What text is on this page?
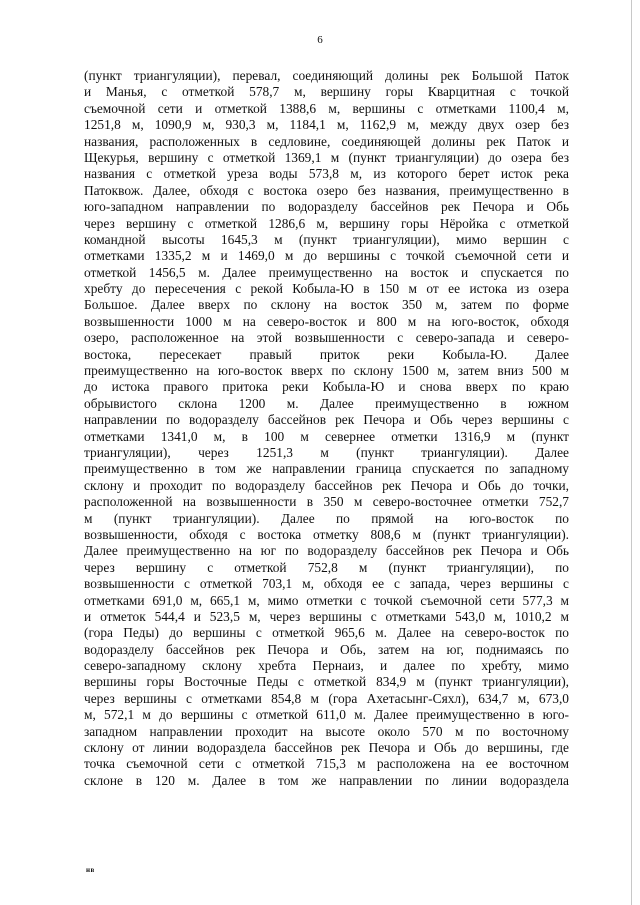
6
(пункт триангуляции), перевал, соединяющий долины рек Большой Паток
и Манья, с отметкой 578,7 м, вершину горы Кварцитная с точкой
съемочной сети и отметкой 1388,6 м, вершины с отметками 1100,4 м,
1251,8 м, 1090,9 м, 930,3 м, 1184,1 м, 1162,9 м, между двух озер без
названия, расположенных в седловине, соединяющей долины рек Паток и
Щекурья, вершину с отметкой 1369,1 м (пункт триангуляции) до озера без
названия с отметкой уреза воды 573,8 м, из которого берет исток река
Патоквож. Далее, обходя с востока озеро без названия, преимущественно в
юго-западном направлении по водоразделу бассейнов рек Печора и Обь
через вершину с отметкой 1286,6 м, вершину горы Нёройка с отметкой
командной высоты 1645,3 м (пункт триангуляции), мимо вершин с
отметками 1335,2 м и 1469,0 м до вершины с точкой съемочной сети и
отметкой 1456,5 м. Далее преимущественно на восток и спускается по
хребту до пересечения с рекой Кобыла-Ю в 150 м от ее истока из озера
Большое. Далее вверх по склону на восток 350 м, затем по форме
возвышенности 1000 м на северо-восток и 800 м на юго-восток, обходя
озеро, расположенное на этой возвышенности с северо-запада и северо-
востока, пересекает правый приток реки Кобыла-Ю. Далее
преимущественно на юго-восток вверх по склону 1500 м, затем вниз 500 м
до истока правого притока реки Кобыла-Ю и снова вверх по краю
обрывистого склона 1200 м. Далее преимущественно в южном
направлении по водоразделу бассейнов рек Печора и Обь через вершины с
отметками 1341,0 м, в 100 м севернее отметки 1316,9 м (пункт
триангуляции), через 1251,3 м (пункт триангуляции). Далее
преимущественно в том же направлении граница спускается по западному
склону и проходит по водоразделу бассейнов рек Печора и Обь до точки,
расположенной на возвышенности в 350 м северо-восточнее отметки 752,7
м (пункт триангуляции). Далее по прямой на юго-восток по
возвышенности, обходя с востока отметку 808,6 м (пункт триангуляции).
Далее преимущественно на юг по водоразделу бассейнов рек Печора и Обь
через вершину с отметкой 752,8 м (пункт триангуляции), по
возвышенности с отметкой 703,1 м, обходя ее с запада, через вершины с
отметками 691,0 м, 665,1 м, мимо отметки с точкой съемочной сети 577,3 м
и отметок 544,4 и 523,5 м, через вершины с отметками 543,0 м, 1010,2 м
(гора Педы) до вершины с отметкой 965,6 м. Далее на северо-восток по
водоразделу бассейнов рек Печора и Обь, затем на юг, поднимаясь по
северо-западному склону хребта Пернаиз, и далее по хребту, мимо
вершины горы Восточные Педы с отметкой 834,9 м (пункт триангуляции),
через вершины с отметками 854,8 м (гора Ахетасынг-Сяхл), 634,7 м, 673,0
м, 572,1 м до вершины с отметкой 611,0 м. Далее преимущественно в юго-
западном направлении проходит на высоте около 570 м по восточному
склону от линии водораздела бассейнов рек Печора и Обь до вершины, где
точка съемочной сети с отметкой 715,3 м расположена на ее восточном
склоне в 120 м. Далее в том же направлении по линии водораздела
нв
